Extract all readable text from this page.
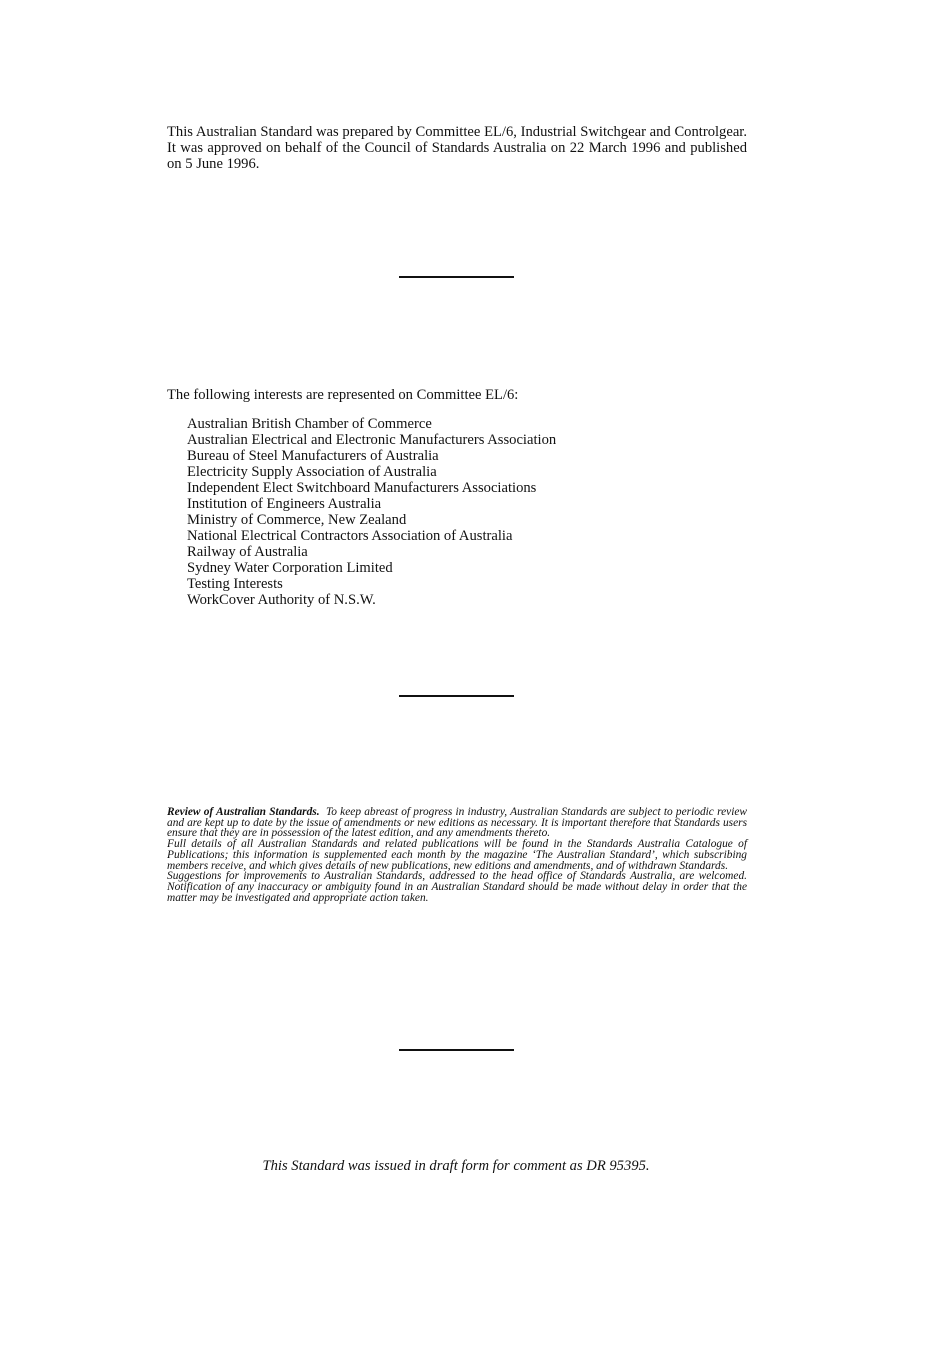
This Australian Standard was prepared by Committee EL/6, Industrial Switchgear and Controlgear. It was approved on behalf of the Council of Standards Australia on 22 March 1996 and published on 5 June 1996.
The following interests are represented on Committee EL/6:
Australian British Chamber of Commerce
Australian Electrical and Electronic Manufacturers Association
Bureau of Steel Manufacturers of Australia
Electricity Supply Association of Australia
Independent Elect Switchboard Manufacturers Associations
Institution of Engineers Australia
Ministry of Commerce, New Zealand
National Electrical Contractors Association of Australia
Railway of Australia
Sydney Water Corporation Limited
Testing Interests
WorkCover Authority of N.S.W.

Review of Australian Standards. To keep abreast of progress in industry, Australian Standards are subject to periodic review and are kept up to date by the issue of amendments or new editions as necessary. It is important therefore that Standards users ensure that they are in possession of the latest edition, and any amendments thereto.

Full details of all Australian Standards and related publications will be found in the Standards Australia Catalogue of Publications; this information is supplemented each month by the magazine ‘The Australian Standard’, which subscribing members receive, and which gives details of new publications, new editions and amendments, and of withdrawn Standards.

Suggestions for improvements to Australian Standards, addressed to the head office of Standards Australia, are welcomed. Notification of any inaccuracy or ambiguity found in an Australian Standard should be made without delay in order that the matter may be investigated and appropriate action taken.

This Standard was issued in draft form for comment as DR 95395.
